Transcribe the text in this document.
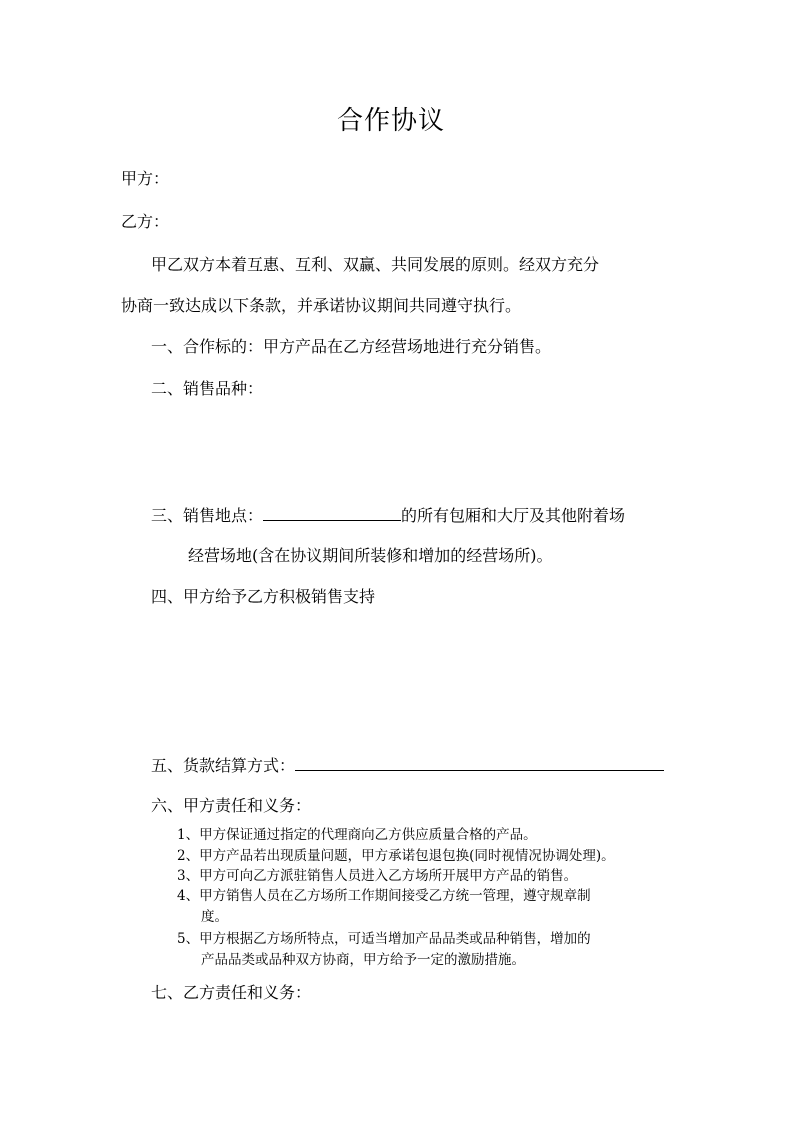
合作协议
甲方：
乙方：
甲乙双方本着互惠、互利、双赢、共同发展的原则。经双方充分
协商一致达成以下条款，并承诺协议期间共同遵守执行。
一、合作标的：甲方产品在乙方经营场地进行充分销售。
二、销售品种：
三、销售地点：	的所有包厢和大厅及其他附着场
经营场地(含在协议期间所装修和增加的经营场所)。
四、甲方给予乙方积极销售支持
五、货款结算方式：
六、甲方责任和义务：
1、甲方保证通过指定的代理商向乙方供应质量合格的产品。
2、甲方产品若出现质量问题，甲方承诺包退包换(同时视情况协调处理)。
3、甲方可向乙方派驻销售人员进入乙方场所开展甲方产品的销售。
4、甲方销售人员在乙方场所工作期间接受乙方统一管理，遵守规章制
度。
5、甲方根据乙方场所特点，可适当增加产品品类或品种销售，增加的
产品品类或品种双方协商，甲方给予一定的激励措施。
七、乙方责任和义务：
